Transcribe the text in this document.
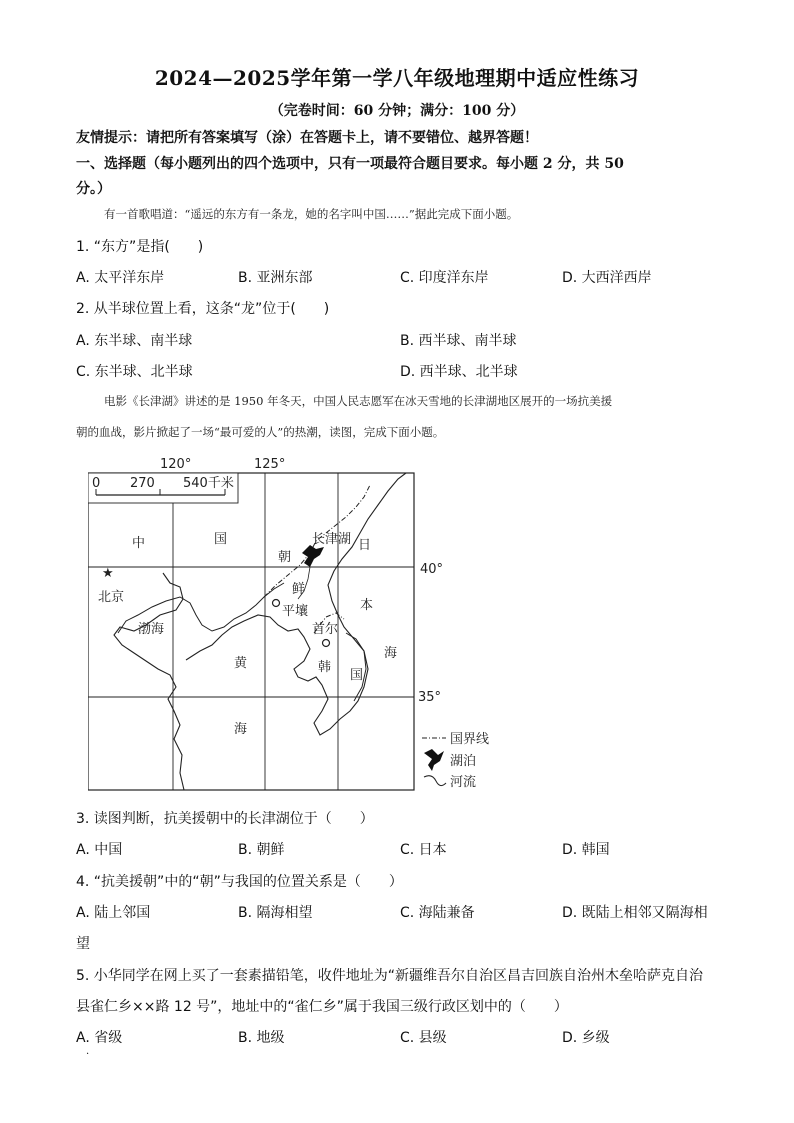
2024—2025学年第一学八年级地理期中适应性练习
（完卷时间：60 分钟；满分：100 分）
友情提示：请把所有答案填写（涂）在答题卡上，请不要错位、越界答题！
一、选择题（每小题列出的四个选项中，只有一项最符合题目要求。每小题 2 分，共 50
分。）
有一首歌唱道：“遥远的东方有一条龙，她的名字叫中国……”据此完成下面小题。
1. “东方”是指(　　)
A. 太平洋东岸	B. 亚洲东部	C. 印度洋东岸	D. 大西洋西岸
2. 从半球位置上看，这条“龙”位于(　　)
A. 东半球、南半球	B. 西半球、南半球
C. 东半球、北半球	D. 西半球、北半球
电影《长津湖》讲述的是 1950 年冬天，中国人民志愿军在冰天雪地的长津湖地区展开的一场抗美援
朝的血战，影片掀起了一场“最可爱的人”的热潮，读图，完成下面小题。
120°	125°
40°
35°
0 270 540千米
★
中	国
北京
渤海
黄
海
长津湖
朝
鲜
平壤
首尔
韩
国
日
本
海
国界线
湖泊
河流
3. 读图判断，抗美援朝中的长津湖位于（　　）
A. 中国	B. 朝鲜	C. 日本	D. 韩国
4. “抗美援朝”中的“朝”与我国的位置关系是（　　）
A. 陆上邻国	B. 隔海相望	C. 海陆兼备	D. 既陆上相邻又隔海相
望
5. 小华同学在网上买了一套素描铅笔，收件地址为“新疆维吾尔自治区昌吉回族自治州木垒哈萨克自治
县雀仁乡××路 12 号”，地址中的“雀仁乡”属于我国三级行政区划中的（　　）
A. 省级	B. 地级	C. 县级	D. 乡级
.
